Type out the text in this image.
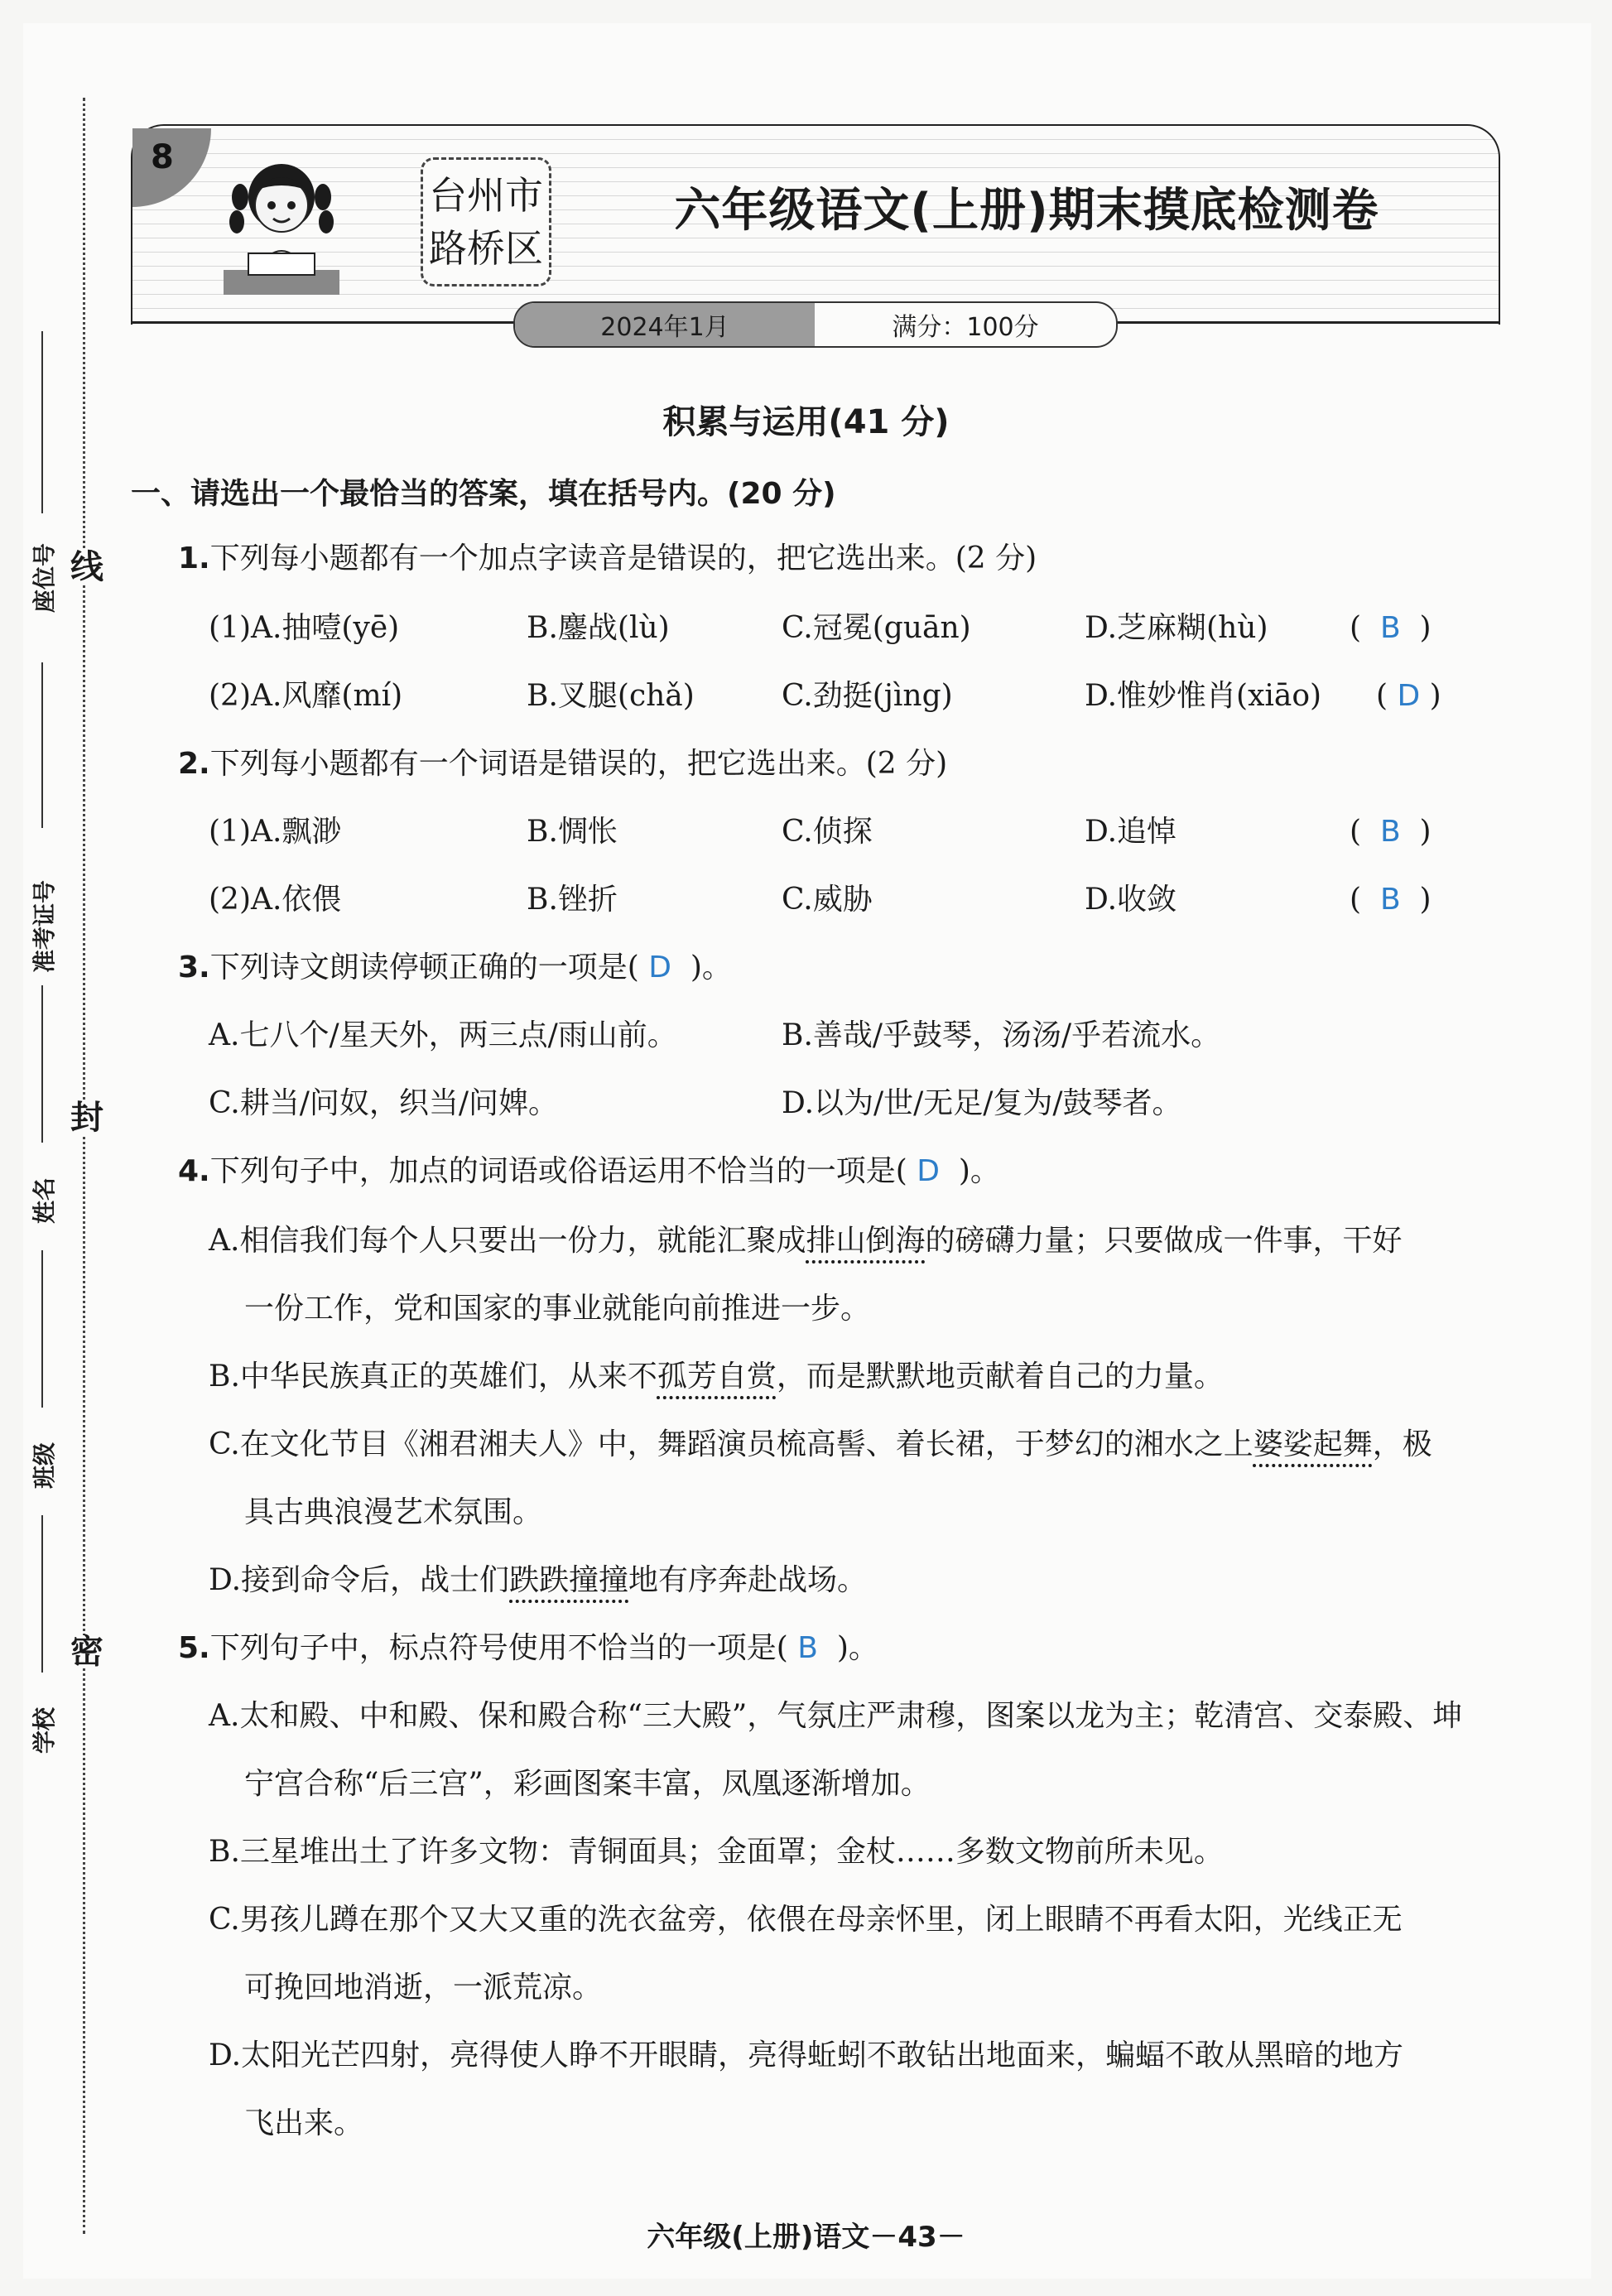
线
封
密
座位号
准考证号
姓名
班级
学校
8
台州市
路桥区
六年级语文(上册)期末摸底检测卷
2024年1月	满分：100分
积累与运用(41 分)
一、请选出一个最恰当的答案，填在括号内。(20 分)
1.下列每小题都有一个加点字读音是错误的，把它选出来。(2 分)
(1)A.抽噎(yē)	B.鏖战(lù)	C.冠冕(guān)	D.芝麻糊(hù)	(  B  )
(2)A.风靡(mí)	B.叉腿(chǎ)	C.劲挺(jìng)	D.惟妙惟肖(xiāo) ( D )
2.下列每小题都有一个词语是错误的，把它选出来。(2 分)
(1)A.飘渺	B.惆怅	C.侦探	D.追悼	(  B  )
(2)A.依偎	B.锉折	C.威胁	D.收敛	(  B  )
3.下列诗文朗读停顿正确的一项是( D )。
A.七八个/星天外，两三点/雨山前。	B.善哉/乎鼓琴，汤汤/乎若流水。
C.耕当/问奴，织当/问婢。	D.以为/世/无足/复为/鼓琴者。
4.下列句子中，加点的词语或俗语运用不恰当的一项是( D )。
A.相信我们每个人只要出一份力，就能汇聚成排山倒海的磅礴力量；只要做成一件事，干好
一份工作，党和国家的事业就能向前推进一步。
B.中华民族真正的英雄们，从来不孤芳自赏，而是默默地贡献着自己的力量。
C.在文化节目《湘君湘夫人》中，舞蹈演员梳高髻、着长裙，于梦幻的湘水之上婆娑起舞，极
具古典浪漫艺术氛围。
D.接到命令后，战士们跌跌撞撞地有序奔赴战场。
5.下列句子中，标点符号使用不恰当的一项是( B )。
A.太和殿、中和殿、保和殿合称“三大殿”，气氛庄严肃穆，图案以龙为主；乾清宫、交泰殿、坤
宁宫合称“后三宫”，彩画图案丰富，凤凰逐渐增加。
B.三星堆出土了许多文物：青铜面具；金面罩；金杖……多数文物前所未见。
C.男孩儿蹲在那个又大又重的洗衣盆旁，依偎在母亲怀里，闭上眼睛不再看太阳，光线正无
可挽回地消逝，一派荒凉。
D.太阳光芒四射，亮得使人睁不开眼睛，亮得蚯蚓不敢钻出地面来，蝙蝠不敢从黑暗的地方
飞出来。
六年级(上册)语文－43－
